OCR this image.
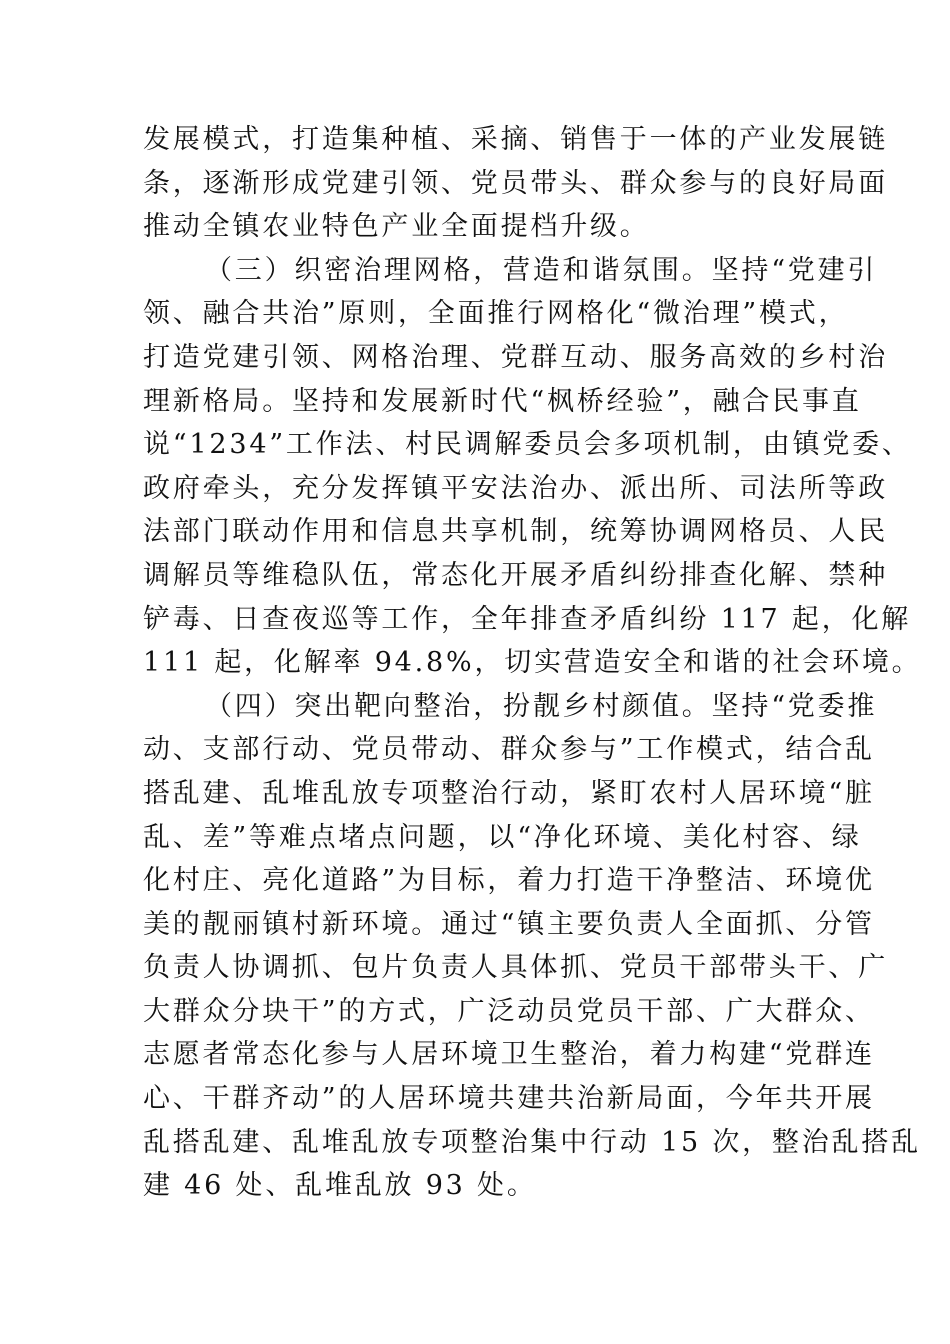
发展模式，打造集种植、采摘、销售于一体的产业发展链
条，逐渐形成党建引领、党员带头、群众参与的良好局面
推动全镇农业特色产业全面提档升级。
（三）织密治理网格，营造和谐氛围。坚持“党建引
领、融合共治”原则，全面推行网格化“微治理”模式，
打造党建引领、网格治理、党群互动、服务高效的乡村治
理新格局。坚持和发展新时代“枫桥经验”，融合民事直
说“1234”工作法、村民调解委员会多项机制，由镇党委、
政府牵头，充分发挥镇平安法治办、派出所、司法所等政
法部门联动作用和信息共享机制，统筹协调网格员、人民
调解员等维稳队伍，常态化开展矛盾纠纷排查化解、禁种
铲毒、日查夜巡等工作，全年排查矛盾纠纷 117 起，化解
111 起，化解率 94.8%，切实营造安全和谐的社会环境。
（四）突出靶向整治，扮靓乡村颜值。坚持“党委推
动、支部行动、党员带动、群众参与”工作模式，结合乱
搭乱建、乱堆乱放专项整治行动，紧盯农村人居环境“脏
乱、差”等难点堵点问题，以“净化环境、美化村容、绿
化村庄、亮化道路”为目标，着力打造干净整洁、环境优
美的靓丽镇村新环境。通过“镇主要负责人全面抓、分管
负责人协调抓、包片负责人具体抓、党员干部带头干、广
大群众分块干”的方式，广泛动员党员干部、广大群众、
志愿者常态化参与人居环境卫生整治，着力构建“党群连
心、干群齐动”的人居环境共建共治新局面，今年共开展
乱搭乱建、乱堆乱放专项整治集中行动 15 次，整治乱搭乱
建 46 处、乱堆乱放 93 处。
